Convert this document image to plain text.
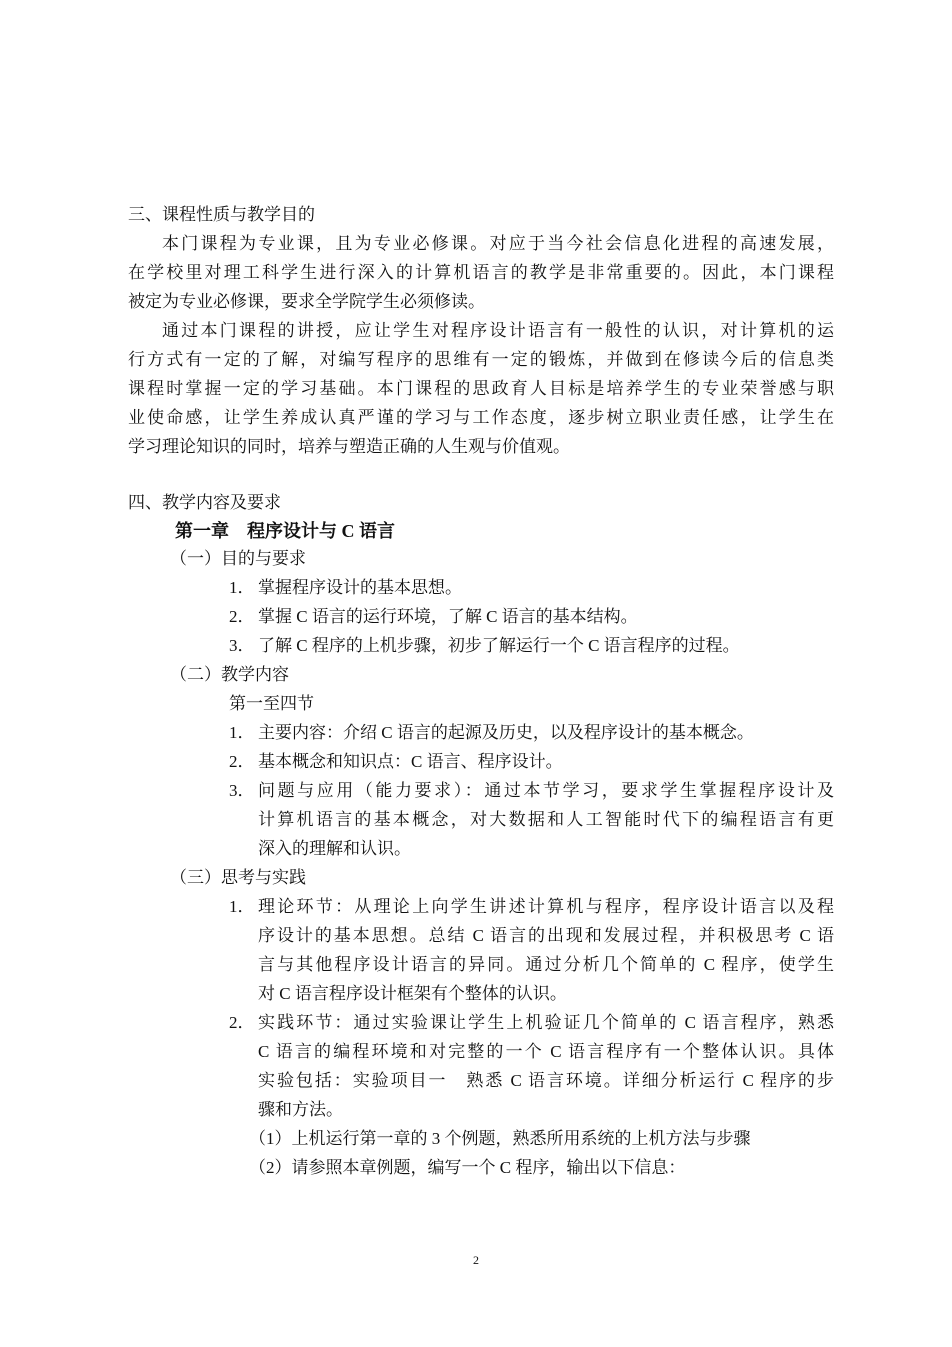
三、课程性质与教学目的
本门课程为专业课，且为专业必修课。对应于当今社会信息化进程的高速发展，
在学校里对理工科学生进行深入的计算机语言的教学是非常重要的。因此，本门课程
被定为专业必修课，要求全学院学生必须修读。
通过本门课程的讲授，应让学生对程序设计语言有一般性的认识，对计算机的运
行方式有一定的了解，对编写程序的思维有一定的锻炼，并做到在修读今后的信息类
课程时掌握一定的学习基础。本门课程的思政育人目标是培养学生的专业荣誉感与职
业使命感，让学生养成认真严谨的学习与工作态度，逐步树立职业责任感，让学生在
学习理论知识的同时，培养与塑造正确的人生观与价值观。
四、教学内容及要求
第一章　程序设计与 C 语言
（一）目的与要求
1． 掌握程序设计的基本思想。
2． 掌握 C 语言的运行环境，了解 C 语言的基本结构。
3． 了解 C 程序的上机步骤，初步了解运行一个 C 语言程序的过程。
（二）教学内容
第一至四节
1． 主要内容：介绍 C 语言的起源及历史，以及程序设计的基本概念。
2． 基本概念和知识点：C 语言、程序设计。
3． 问题与应用（能力要求）：通过本节学习，要求学生掌握程序设计及
计算机语言的基本概念，对大数据和人工智能时代下的编程语言有更
深入的理解和认识。
（三）思考与实践
1． 理论环节：从理论上向学生讲述计算机与程序，程序设计语言以及程
序设计的基本思想。总结 C 语言的出现和发展过程，并积极思考 C 语
言与其他程序设计语言的异同。通过分析几个简单的 C 程序，使学生
对 C 语言程序设计框架有个整体的认识。
2． 实践环节：通过实验课让学生上机验证几个简单的 C 语言程序，熟悉
C 语言的编程环境和对完整的一个 C 语言程序有一个整体认识。具体
实验包括：实验项目一　熟悉 C 语言环境。详细分析运行 C 程序的步
骤和方法。
（1）上机运行第一章的 3 个例题，熟悉所用系统的上机方法与步骤
（2）请参照本章例题，编写一个 C 程序，输出以下信息：
2
